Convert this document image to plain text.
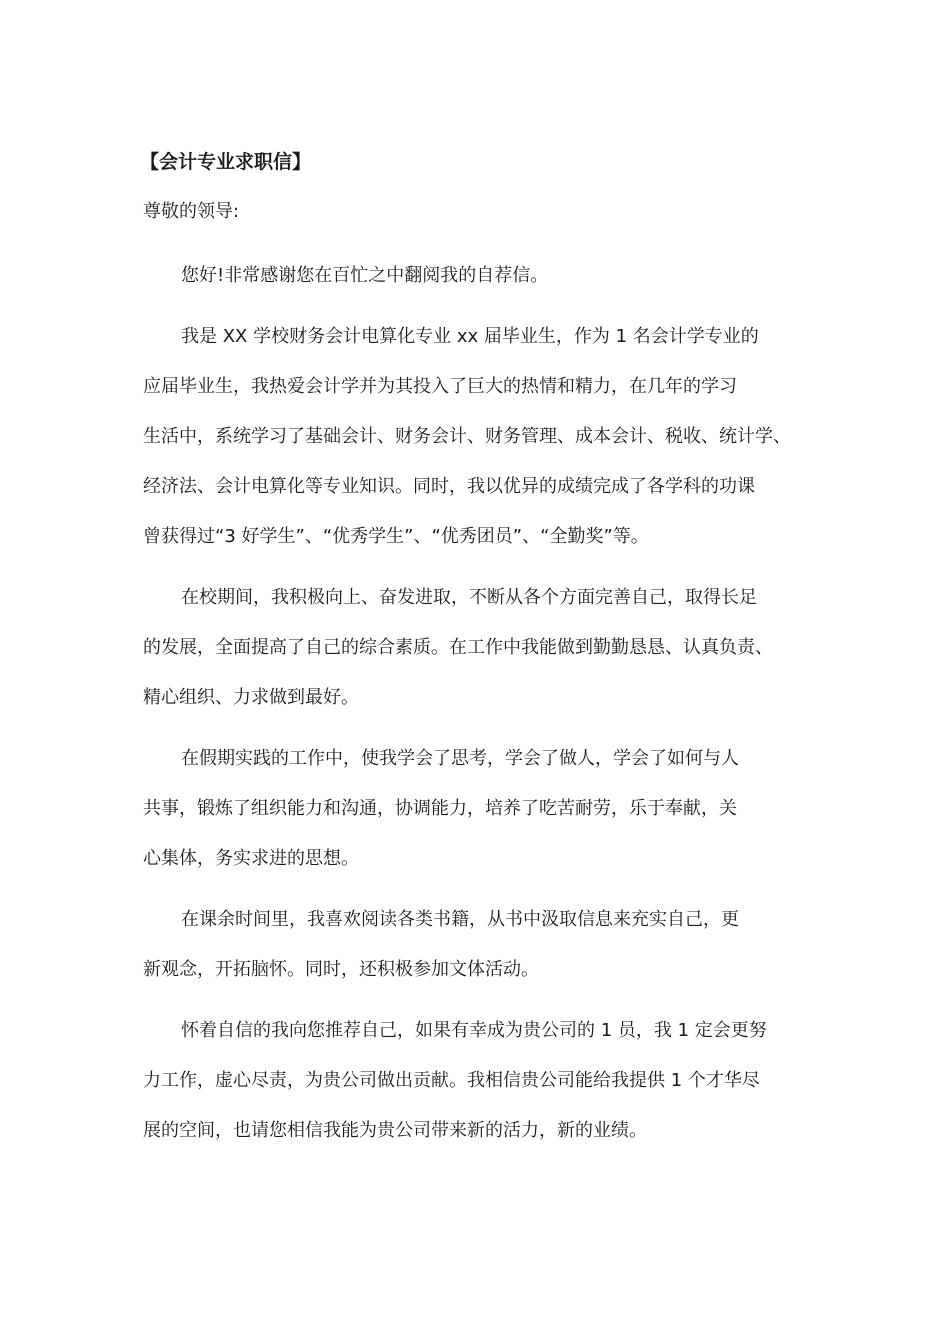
【会计专业求职信】
尊敬的领导:
您好!非常感谢您在百忙之中翻阅我的自荐信。
我是 XX 学校财务会计电算化专业 xx 届毕业生，作为 1 名会计学专业的
应届毕业生，我热爱会计学并为其投入了巨大的热情和精力，在几年的学习
生活中，系统学习了基础会计、财务会计、财务管理、成本会计、税收、统计学、
经济法、会计电算化等专业知识。同时，我以优异的成绩完成了各学科的功课
曾获得过“3 好学生”、“优秀学生”、“优秀团员”、“全勤奖”等。
在校期间，我积极向上、奋发进取，不断从各个方面完善自己，取得长足
的发展，全面提高了自己的综合素质。在工作中我能做到勤勤恳恳、认真负责、
精心组织、力求做到最好。
在假期实践的工作中，使我学会了思考，学会了做人，学会了如何与人
共事，锻炼了组织能力和沟通，协调能力，培养了吃苦耐劳，乐于奉献，关
心集体，务实求进的思想。
在课余时间里，我喜欢阅读各类书籍，从书中汲取信息来充实自己，更
新观念，开拓脑怀。同时，还积极参加文体活动。
怀着自信的我向您推荐自己，如果有幸成为贵公司的 1 员，我 1 定会更努
力工作，虚心尽责，为贵公司做出贡献。我相信贵公司能给我提供 1 个才华尽
展的空间，也请您相信我能为贵公司带来新的活力，新的业绩。
